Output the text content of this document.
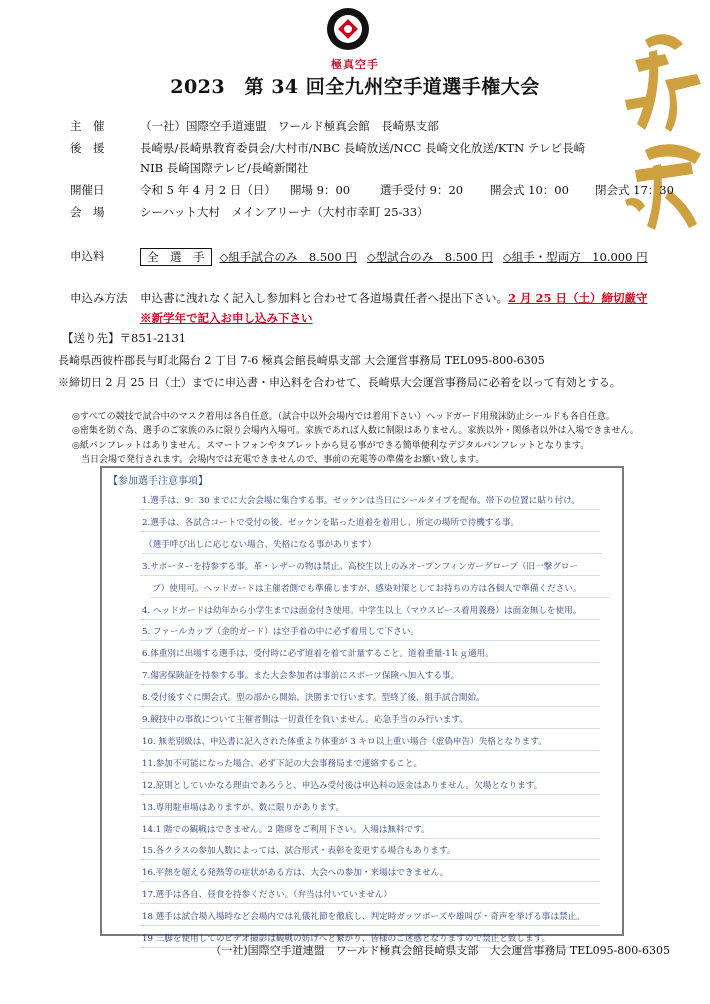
極真空手
2023　第 34 回全九州空手道選手権大会
主　催	（一社）国際空手道連盟　ワールド極真会館　長崎県支部
後　援	長崎県/長崎県教育委員会/大村市/NBC 長崎放送/NCC 長崎文化放送/KTN テレビ長崎
NIB 長崎国際テレビ/長崎新聞社
開催日	令和 5 年 4 月 2 日（日） 開場 9：00	選手受付 9：20 開会式 10：00 閉会式 17：30
会　場	シーハット大村　メインアリーナ（大村市幸町 25-33）
申込料	全　選　手 ◇組手試合のみ　8.500 円 ◇型試合のみ　8.500 円 ◇組手・型両方　10.000 円
申込み方法 申込書に洩れなく記入し参加料と合わせて各道場責任者へ提出下さい。2 月 25 日（土）締切厳守
※新学年で記入お申し込み下さい
【送り先】〒851-2131
長崎県西彼杵郡長与町北陽台 2 丁目 7-6 極真会館長崎県支部 大会運営事務局 TEL095-800-6305
※締切日 2 月 25 日（土）までに申込書・申込料を合わせて、長崎県大会運営事務局に必着を以って有効とする。
◎すべての競技で試合中のマスク着用は各自任意。（試合中以外会場内では着用下さい）ヘッドガード用飛沫防止シールドも各自任意。
◎密集を防ぐ為、選手のご家族のみに限り会場内入場可。家族であれば人数に制限はありません。家族以外・関係者以外は入場できません。
◎紙パンフレットはありません。スマートフォンやタブレットから見る事ができる簡単便利なデジタルパンフレットとなります。
　当日会場で発行されます。会場内では充電できませんので、事前の充電等の準備をお願い致します。
【参加選手注意事項】
1.選手は、9：30 までに大会会場に集合する事。ゼッケンは当日にシールタイプを配布。帯下の位置に貼り付け。
2.選手は、各試合コートで受付の後、ゼッケンを貼った道着を着用し、所定の場所で待機する事。
（選手呼び出しに応じない場合、失格になる事があります）
3.サポーターを持参する事。革・レザーの物は禁止。高校生以上のみオープンフィンガーグローブ（旧一撃グロー
ブ）使用可。ヘッドガードは主催者側でも準備しますが、感染対策としてお持ちの方は各個人で準備ください。
4. ヘッドガードは幼年から小学生までは面金付き使用。中学生以上（マウスピース着用義務）は面金無しを使用。
5. ファールカップ（金的ガード）は空手着の中に必ず着用して下さい。
6.体重別に出場する選手は、受付時に必ず道着を着て計量すること。道着重量-1ｋｇ適用。
7.傷害保険証を持参する事。また大会参加者は事前にスポーツ保険へ加入する事。
8.受付後すぐに開会式。型の部から開始、決勝まで行います。型終了後、組手試合開始。
9.競技中の事故について主催者側は一切責任を負いません。応急手当のみ行います。
10. 無差別級は、申込書に記入された体重より体重が 3 キロ以上重い場合（虚偽申告）失格となります。
11.参加不可能になった場合、必ず下記の大会事務局まで連絡すること。
12.原則としていかなる理由であろうと、申込み受付後は申込料の返金はありません。欠場となります。
13.専用駐車場はありますが、数に限りがあります。
14.1 階での観戦はできません。2 階席をご利用下さい。入場は無料です。
15.各クラスの参加人数によっては、試合形式・表彰を変更する場合もあります。
16.平熱を超える発熱等の症状がある方は、大会への参加・来場はできません。
17.選手は各自、昼食を持参ください。（弁当は付いていません）
18 選手は試合場入場時など会場内では礼儀礼節を徹底し、判定時ガッツポーズや雄叫び・奇声を挙げる事は禁止。
19 三脚を使用してのビデオ撮影は観戦の妨げへと繋がり、皆様のご迷惑となりますので禁止と致します。
（一社)国際空手道連盟　ワールド極真会館長崎県支部　大会運営事務局 TEL095-800-6305
